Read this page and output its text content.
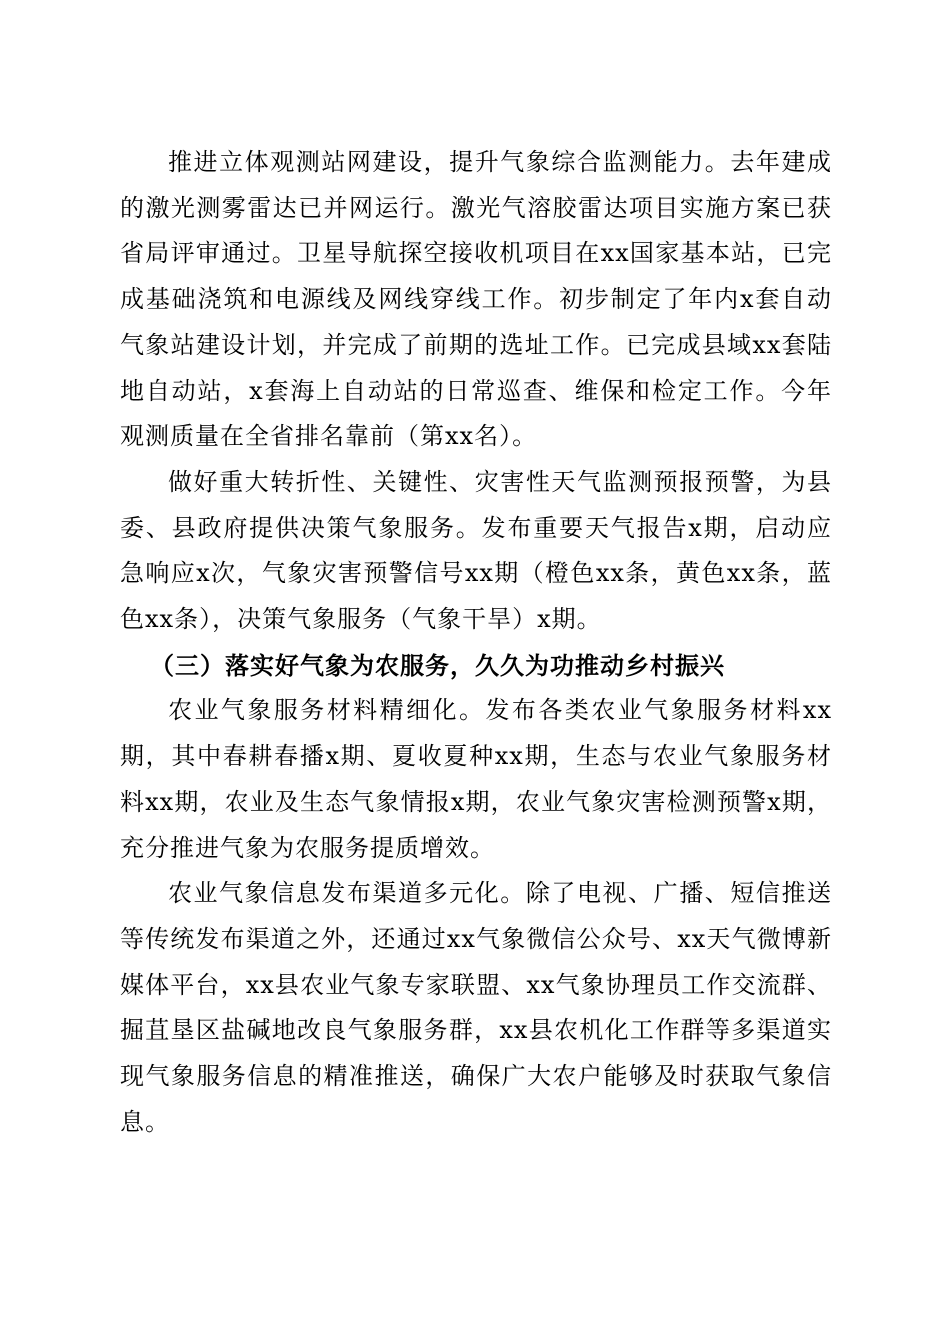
推进立体观测站网建设，提升气象综合监测能力。去年建成的激光测雾雷达已并网运行。激光气溶胶雷达项目实施方案已获省局评审通过。卫星导航探空接收机项目在xx国家基本站，已完成基础浇筑和电源线及网线穿线工作。初步制定了年内x套自动气象站建设计划，并完成了前期的选址工作。已完成县域xx套陆地自动站，x套海上自动站的日常巡查、维保和检定工作。今年观测质量在全省排名靠前（第xx名）。

做好重大转折性、关键性、灾害性天气监测预报预警，为县委、县政府提供决策气象服务。发布重要天气报告x期，启动应急响应x次，气象灾害预警信号xx期（橙色xx条，黄色xx条，蓝色xx条），决策气象服务（气象干旱）x期。

（三）落实好气象为农服务，久久为功推动乡村振兴

农业气象服务材料精细化。发布各类农业气象服务材料xx期，其中春耕春播x期、夏收夏种xx期，生态与农业气象服务材料xx期，农业及生态气象情报x期，农业气象灾害检测预警x期，充分推进气象为农服务提质增效。

农业气象信息发布渠道多元化。除了电视、广播、短信推送等传统发布渠道之外，还通过xx气象微信公众号、xx天气微博新媒体平台，xx县农业气象专家联盟、xx气象协理员工作交流群、掘苴垦区盐碱地改良气象服务群，xx县农机化工作群等多渠道实现气象服务信息的精准推送，确保广大农户能够及时获取气象信息。
